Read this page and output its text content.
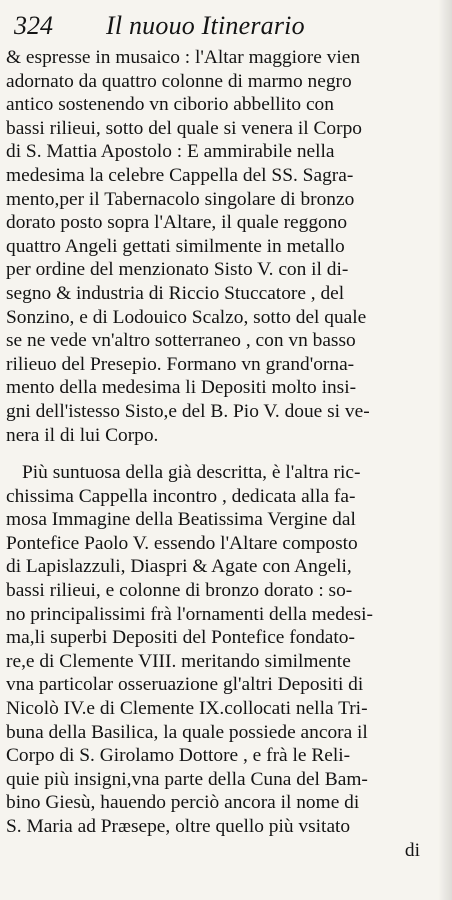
324	Il nuouo Itinerario
& espresse in musaico : l'Altar maggiore vien
adornato da quattro colonne di marmo negro
antico sostenendo vn ciborio abbellito con
bassi rilieui, sotto del quale si venera il Corpo
di S. Mattia Apostolo : E ammirabile nella
medesima la celebre Cappella del SS. Sagra-
mento,per il Tabernacolo singolare di bronzo
dorato posto sopra l'Altare, il quale reggono
quattro Angeli gettati similmente in metallo
per ordine del menzionato Sisto V. con il di-
segno & industria di Riccio Stuccatore , del
Sonzino, e di Lodouico Scalzo, sotto del quale
se ne vede vn'altro sotterraneo , con vn basso
rilieuo del Presepio. Formano vn grand'orna-
mento della medesima li Depositi molto insi-
gni dell'istesso Sisto,e del B. Pio V. doue si ve-
nera il di lui Corpo.
Più suntuosa della già descritta, è l'altra ric-
chissima Cappella incontro , dedicata alla fa-
mosa Immagine della Beatissima Vergine dal
Pontefice Paolo V. essendo l'Altare composto
di Lapislazzuli, Diaspri & Agate con Angeli,
bassi rilieui, e colonne di bronzo dorato : so-
no principalissimi frà l'ornamenti della medesi-
ma,li superbi Depositi del Pontefice fondato-
re,e di Clemente VIII. meritando similmente
vna particolar osseruazione gl'altri Depositi di
Nicolò IV.e di Clemente IX.collocati nella Tri-
buna della Basilica, la quale possiede ancora il
Corpo di S. Girolamo Dottore , e frà le Reli-
quie più insigni,vna parte della Cuna del Bam-
bino Giesù, hauendo perciò ancora il nome di
S. Maria ad Præsepe, oltre quello più vsitato
di
